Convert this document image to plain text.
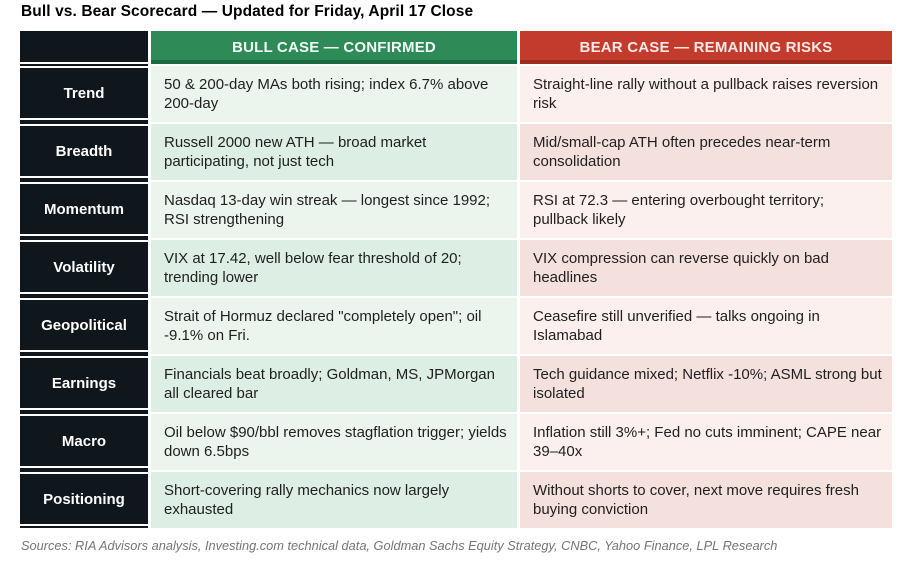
Bull vs. Bear Scorecard — Updated for Friday, April 17 Close
Trend
Breadth
Momentum
Volatility
Geopolitical
Earnings
Macro
Positioning
BULL CASE — CONFIRMED
50 & 200-day MAs both rising; index 6.7% above 200-day
Russell 2000 new ATH — broad market participating, not just tech
Nasdaq 13-day win streak — longest since 1992; RSI strengthening
VIX at 17.42, well below fear threshold of 20; trending lower
Strait of Hormuz declared "completely open"; oil -9.1% on Fri.
Financials beat broadly; Goldman, MS, JPMorgan all cleared bar
Oil below $90/bbl removes stagflation trigger; yields down 6.5bps
Short-covering rally mechanics now largely exhausted
BEAR CASE — REMAINING RISKS
Straight-line rally without a pullback raises reversion risk
Mid/small-cap ATH often precedes near-term consolidation
RSI at 72.3 — entering overbought territory; pullback likely
VIX compression can reverse quickly on bad headlines
Ceasefire still unverified — talks ongoing in Islamabad
Tech guidance mixed; Netflix -10%; ASML strong but isolated
Inflation still 3%+; Fed no cuts imminent; CAPE near 39–40x
Without shorts to cover, next move requires fresh buying conviction
Sources: RIA Advisors analysis, Investing.com technical data, Goldman Sachs Equity Strategy, CNBC, Yahoo Finance, LPL Research
